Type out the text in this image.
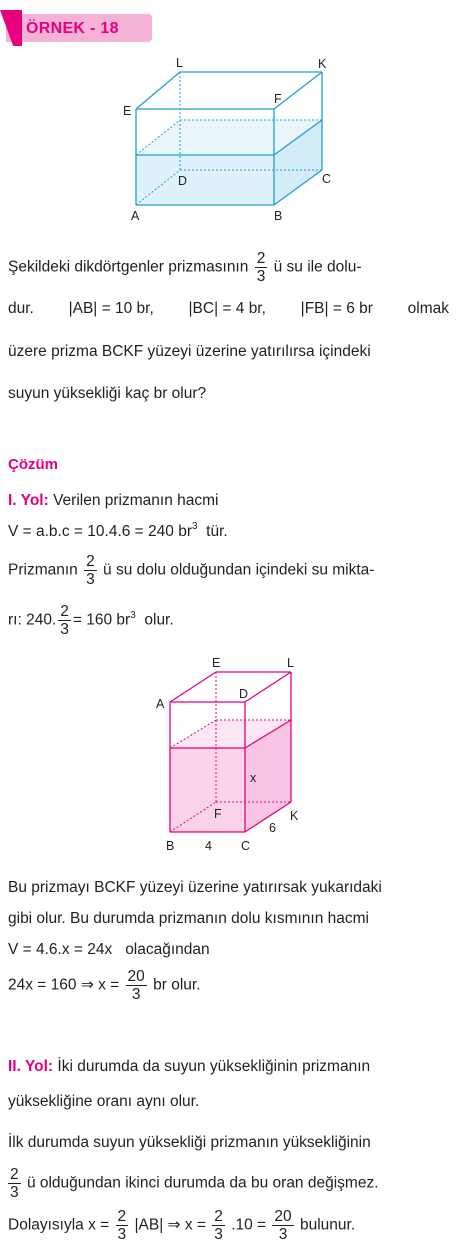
ÖRNEK - 18
L	K
E
F
D	C
A	B
Şekildeki dikdörtgenler prizmasının $\frac{2}{3}$ ü su ile dolu-
dur. |AB| = 10 br, |BC| = 4 br, |FB| = 6 br olmak
üzere prizma BCKF yüzeyi üzerine yatırılırsa içindeki
suyun yüksekliği kaç br olur?
Çözüm
I. Yol: Verilen prizmanın hacmi
V = a.b.c = 10.4.6 = 240 $br^3$ tür.
Prizmanın $\frac{2}{3}$ ü su dolu olduğundan içindeki su mikta-
rı: 240. $\frac{2}{3} = 160$ $br^3$ olur.
E	L
A
D
x
F	K
6
B 4 C
Bu prizmayı BCKF yüzeyi üzerine yatırırsak yukarıdaki
gibi olur. Bu durumda prizmanın dolu kısmının hacmi
V = 4.6.x = 24x olacağından
24x = 160 ⇒ $x = \frac{20}{3}$ br olur.
II. Yol: İki durumda da suyun yüksekliğinin prizmanın
yüksekliğine oranı aynı olur.
İlk durumda suyun yüksekliği prizmanın yüksekliğinin
$\frac{2}{3}$ ü olduğundan ikinci durumda da bu oran değişmez.
Dolayısıyla $x = \frac{2}{3} |AB|$ ⇒ $x = \frac{2}{3} .10 = \frac{20}{3}$ bulunur.
